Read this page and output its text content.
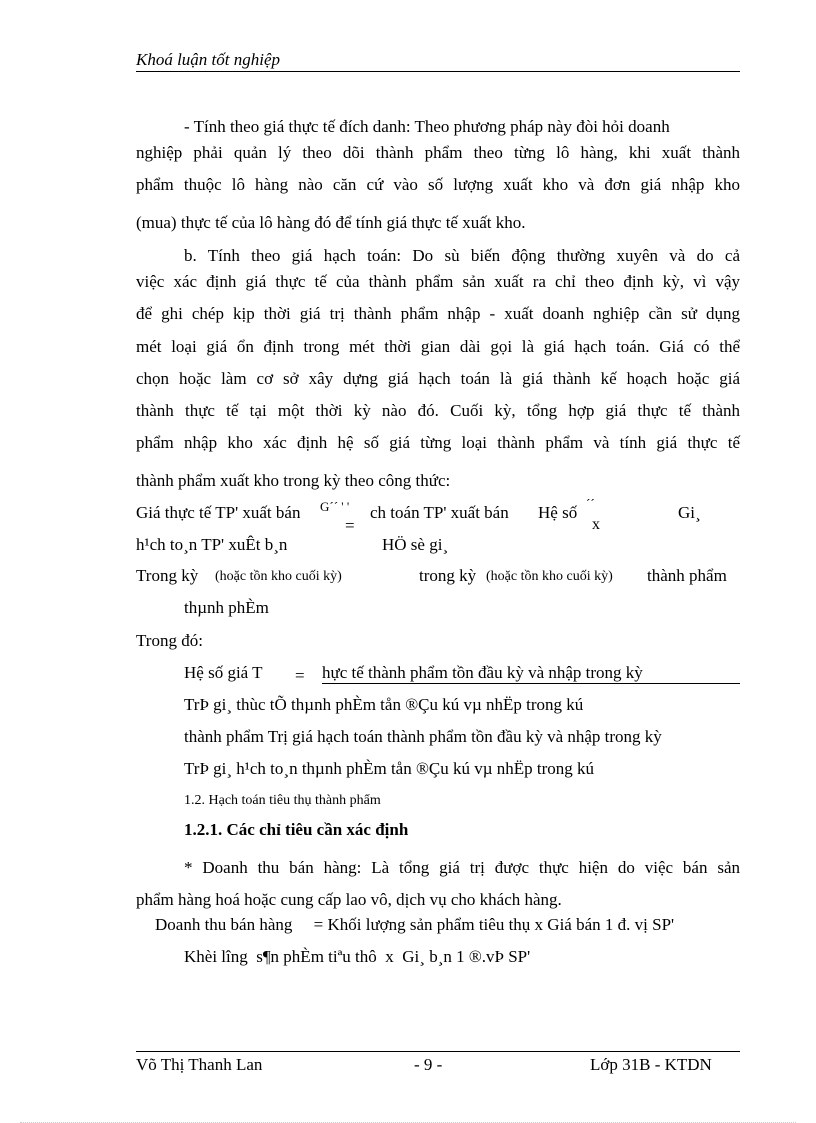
Khoá luận tốt nghiệp
- Tính theo giá thực tế đích danh: Theo phương pháp này đòi hỏi doanh
nghiệp phải quản lý theo dõi thành phẩm theo từng lô hàng, khi xuất thành
phẩm thuộc lô hàng nào căn cứ vào số lượng xuất kho và đơn giá nhập kho
(mua) thực tế của lô hàng đó để tính giá thực tế xuất kho.
b. Tính theo giá hạch toán: Do sù biến động thường xuyên và do cả
việc xác định giá thực tế của thành phẩm sản xuất ra chỉ theo định kỳ, vì vậy
để ghi chép kịp thời giá trị thành phẩm nhập - xuất doanh nghiệp cần sử dụng
mét loại giá ổn định trong mét thời gian dài gọi là giá hạch toán. Giá có thể
chọn hoặc làm cơ sở xây dựng giá hạch toán là giá thành kế hoạch hoặc giá
thành thực tế tại một thời kỳ nào đó. Cuối kỳ, tổng hợp giá thực tế thành
phẩm nhập kho xác định hệ số giá từng loại thành phẩm và tính giá thực tế
thành phẩm xuất kho trong kỳ theo công thức:
Giá thực tế TP' xuất bán G´´ ' '
=
ch toán TP' xuất bán Hệ số ´´
x
Gi¸
h¹ch to¸n TP' xuÊt b¸n	HÖ sè gi¸
Trong kỳ (hoặc tồn kho cuối kỳ)	trong kỳ (hoặc tồn kho cuối kỳ) thành phẩm
thµnh phÈm
Trong đó:
Hệ số giá T = hực tế thành phẩm tồn đầu kỳ và nhập trong kỳ
TrÞ gi¸ thùc tÕ thµnh phÈm tån ®Çu kú vµ nhËp trong kú
thành phẩm Trị giá hạch toán thành phẩm tồn đầu kỳ và nhập trong kỳ
TrÞ gi¸ h¹ch to¸n thµnh phÈm tån ®Çu kú vµ nhËp trong kú
1.2. Hạch toán tiêu thụ thành phẩm
1.2.1. Các chỉ tiêu cần xác định
* Doanh thu bán hàng: Là tổng giá trị được thực hiện do việc bán sản
phẩm hàng hoá hoặc cung cấp lao vô, dịch vụ cho khách hàng.
Doanh thu bán hàng     = Khối lượng sản phẩm tiêu thụ x Giá bán 1 đ. vị SP'
Khèi lîng  s¶n phÈm tiªu thô  x  Gi¸ b¸n 1 ®.vÞ SP'
Võ Thị Thanh Lan	- 9 -	Lớp 31B - KTDN
